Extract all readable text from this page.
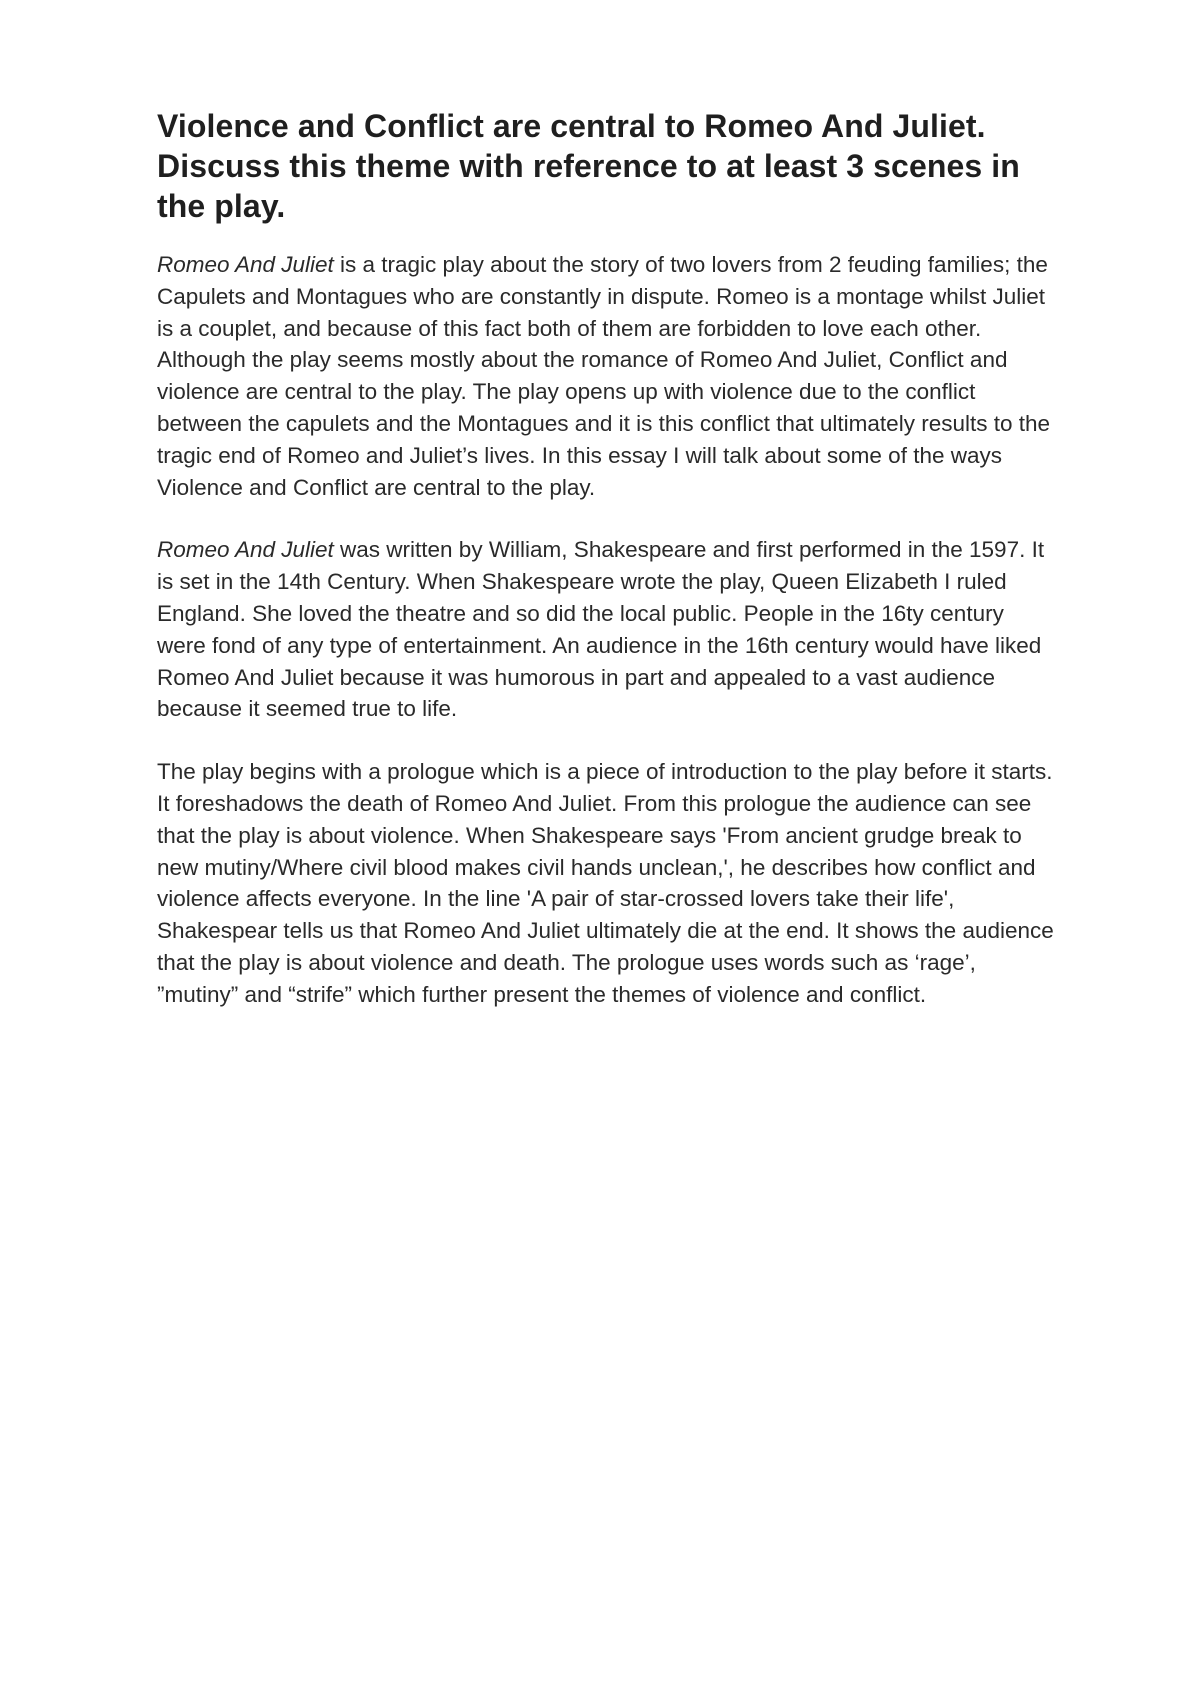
Violence and Conflict are central to Romeo And Juliet. Discuss this theme with reference to at least 3 scenes in the play.

Romeo And Juliet is a tragic play about the story of two lovers from 2 feuding families; the Capulets and Montagues who are constantly in dispute. Romeo is a montage whilst Juliet is a couplet, and because of this fact both of them are forbidden to love each other. Although the play seems mostly about the romance of Romeo And Juliet, Conflict and violence are central to the play. The play opens up with violence due to the conflict between the capulets and the Montagues and it is this conflict that ultimately results to the tragic end of Romeo and Juliet’s lives. In this essay I will talk about some of the ways Violence and Conflict are central to the play.

Romeo And Juliet was written by William, Shakespeare and first performed in the 1597. It is set in the 14th Century. When Shakespeare wrote the play, Queen Elizabeth I ruled England. She loved the theatre and so did the local public. People in the 16ty century were fond of any type of entertainment. An audience in the 16th century would have liked Romeo And Juliet because it was humorous in part and appealed to a vast audience because it seemed true to life.

The play begins with a prologue which is a piece of introduction to the play before it starts. It foreshadows the death of Romeo And Juliet. From this prologue the audience can see that the play is about violence. When Shakespeare says 'From ancient grudge break to new mutiny/Where civil blood makes civil hands unclean,', he describes how conflict and violence affects everyone. In the line 'A pair of star-crossed lovers take their life', Shakespear tells us that Romeo And Juliet ultimately die at the end. It shows the audience that the play is about violence and death. The prologue uses words such as ‘rage’, ”mutiny” and “strife” which further present the themes of violence and conflict.
